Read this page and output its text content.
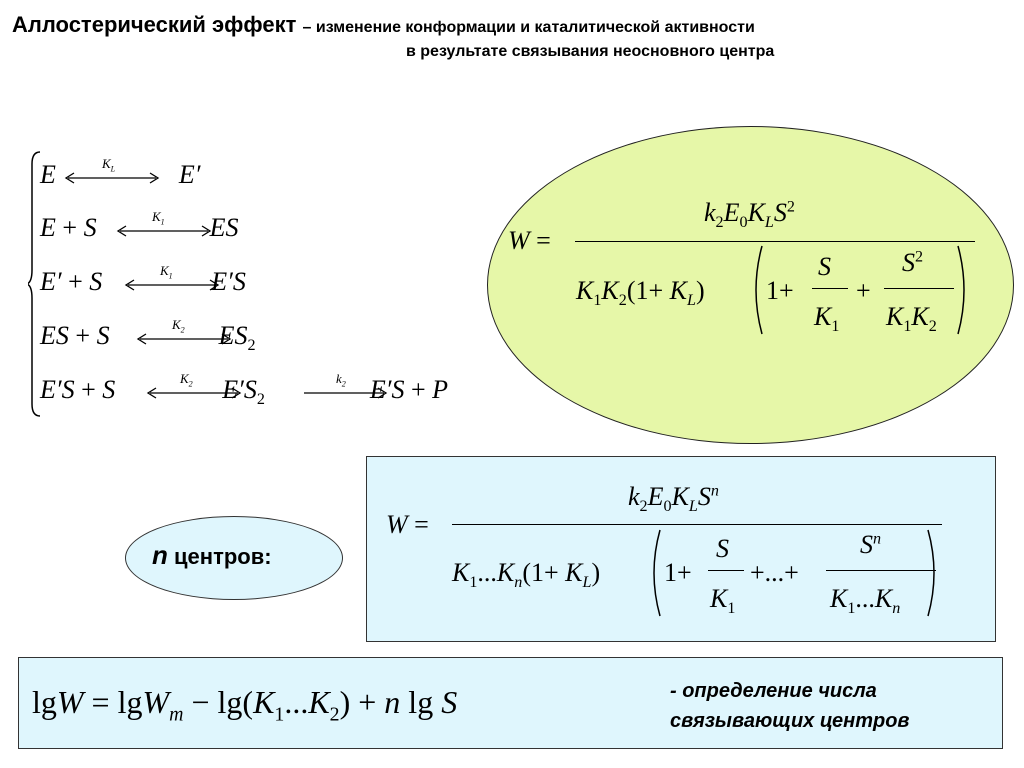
Аллостерический эффект – изменение конформации и каталитической активности
в результате связывания неосновного центра
E	E′
$K_L$
E + S	ES
$K_1$
E′ + S	E′S
$K_1$
ES + S	$ES_2$
$K_2$
E′S + S	$E'S_2$	E′S + P
$K_2$	$k_2$
W =
$k_2E_0K_LS^2$
$K_1K_2(1+ K_L)$ 1+
S
$K_1$
+
$S^2$
$K_1K_2$
n центров:
W =
$k_2E_0K_LS^n$
$K_1...K_n(1+ K_L)$ 1+
S
$K_1$
+...+
$S^n$
$K_1...K_n$
$\lg W = \lg W_m - \lg(K_1...K_2) + n$ lg S	- определение числа
связывающих центров
